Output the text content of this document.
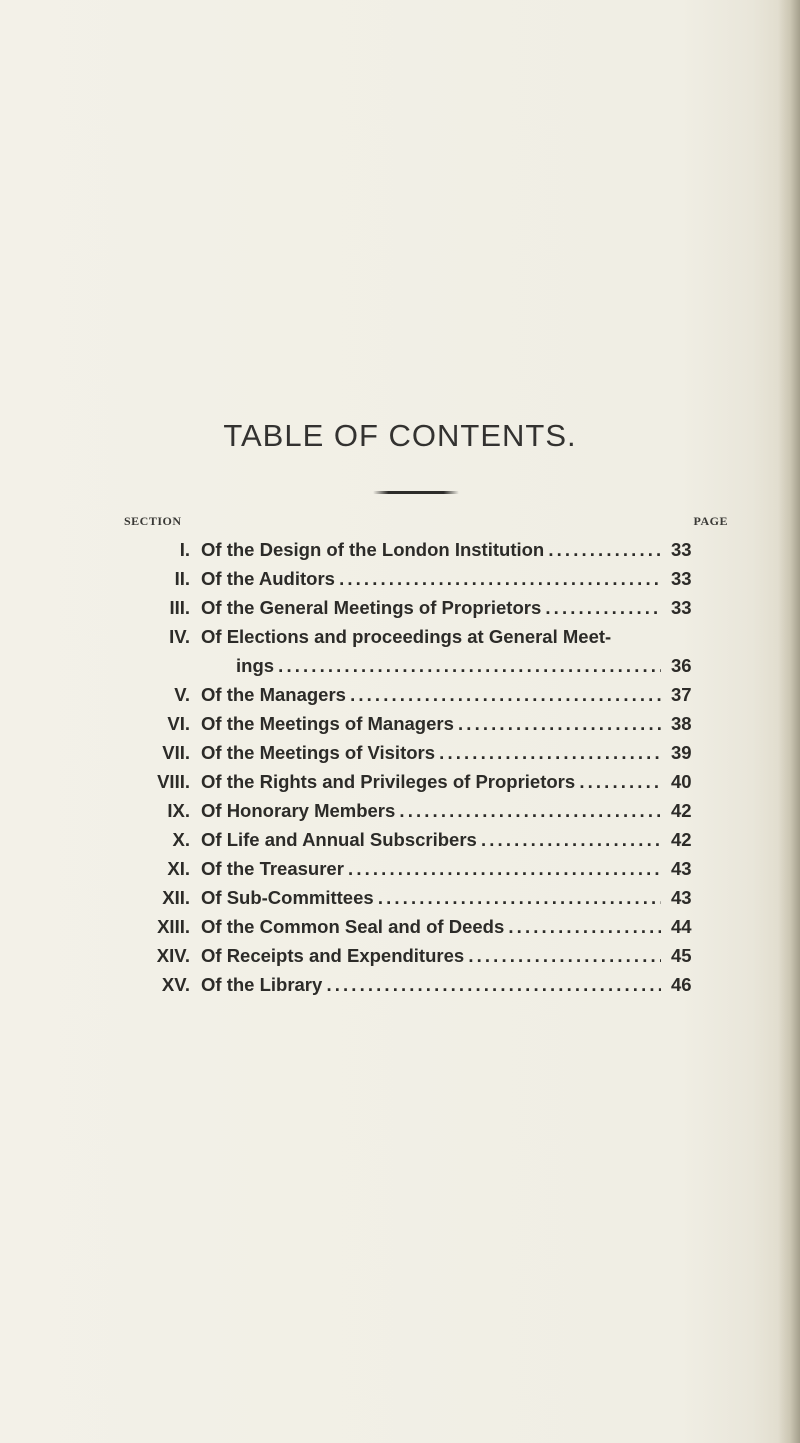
TABLE OF CONTENTS.
SECTION	PAGE
I. Of the Design of the London Institution . . .	33
II. Of the Auditors . . .	33
III. Of the General Meetings of Proprietors . . .	33
IV. Of Elections and proceedings at General Meet-
ings . . .	36
V. Of the Managers . . .	37
VI. Of the Meetings of Managers . . .	38
VII. Of the Meetings of Visitors . . .	39
VIII. Of the Rights and Privileges of Proprietors . . .	40
IX. Of Honorary Members . . .	42
X. Of Life and Annual Subscribers . . .	42
XI. Of the Treasurer . . .	43
XII. Of Sub-Committees . . .	43
XIII. Of the Common Seal and of Deeds . . .	44
XIV. Of Receipts and Expenditures . . .	45
XV. Of the Library . . .	46
